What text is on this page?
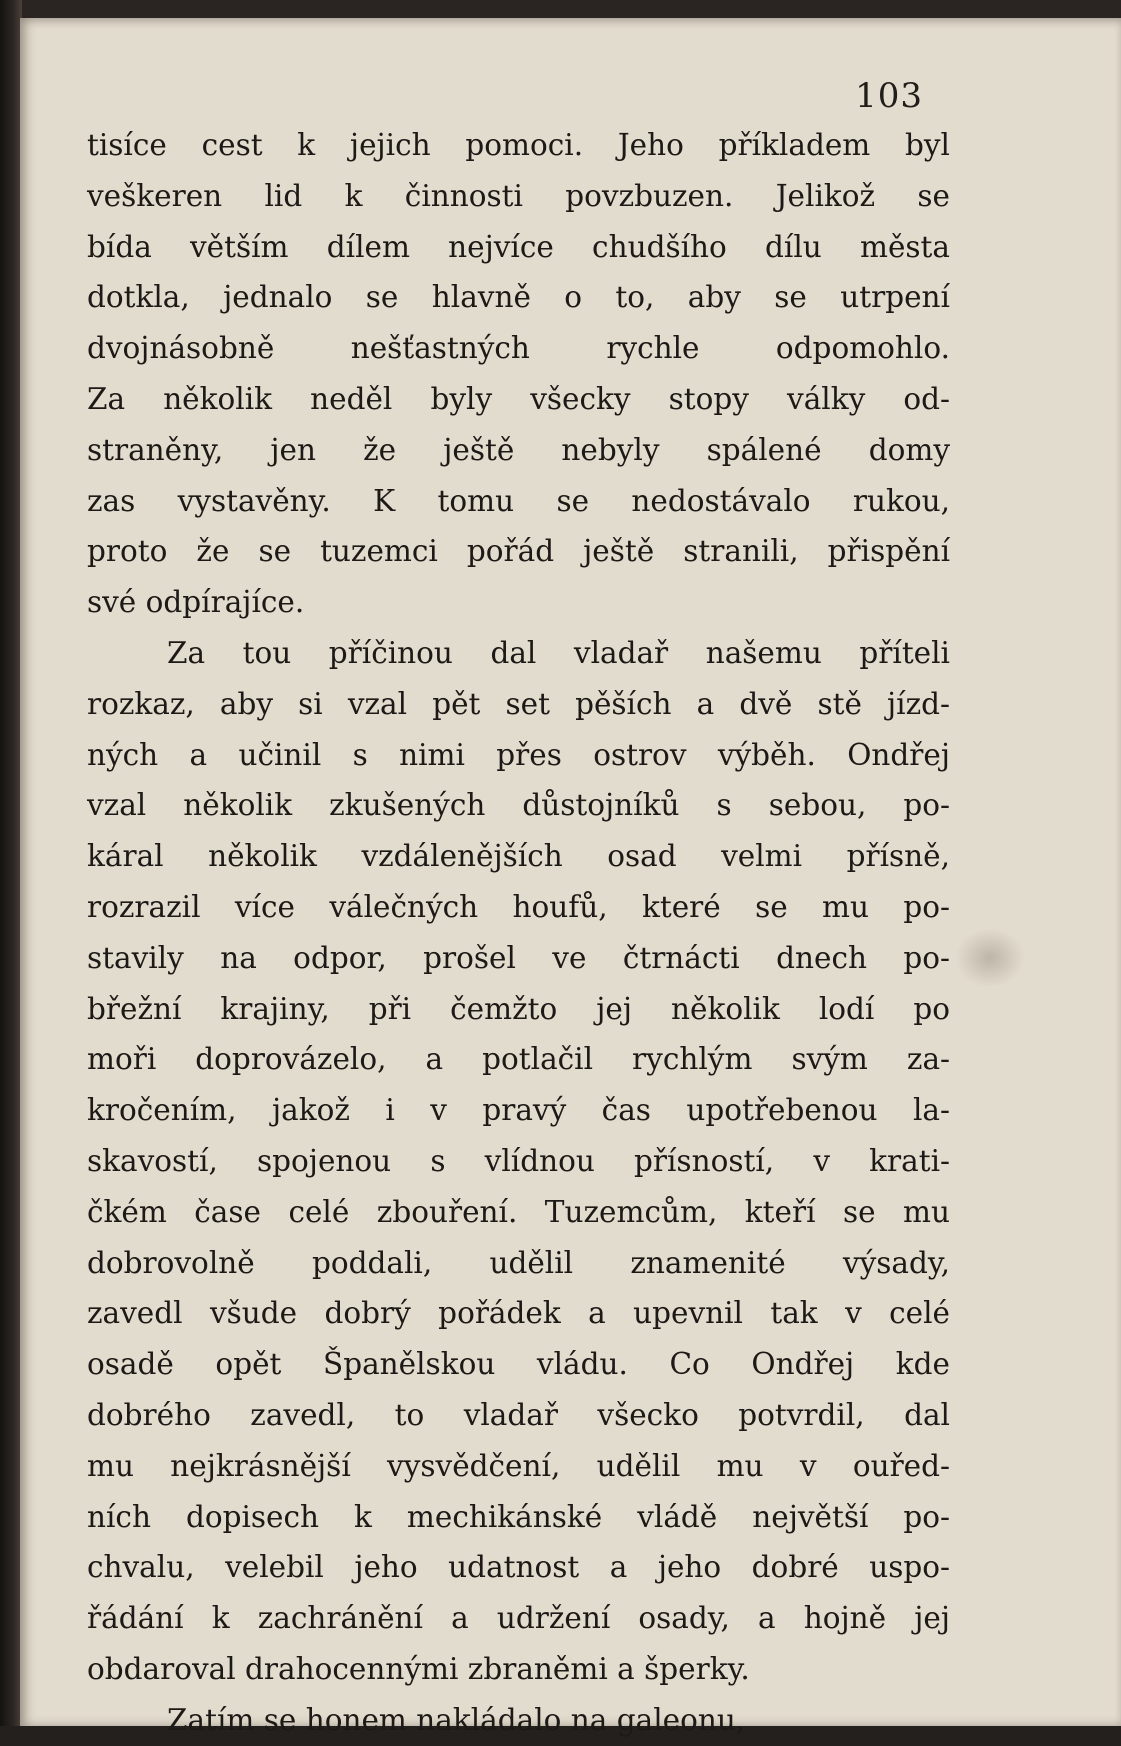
103
tisíce cest k jejich pomoci. Jeho příkladem byl
veškeren lid k činnosti povzbuzen. Jelikož se
bída větším dílem nejvíce chudšího dílu města
dotkla, jednalo se hlavně o to, aby se utrpení
dvojnásobně nešťastných rychle odpomohlo.
Za několik neděl byly všecky stopy války od-
straněny, jen že ještě nebyly spálené domy
zas vystavěny. K tomu se nedostávalo rukou,
proto že se tuzemci pořád ještě stranili, přispění
své odpírajíce.
Za tou příčinou dal vladař našemu příteli
rozkaz, aby si vzal pět set pěších a dvě stě jízd-
ných a učinil s nimi přes ostrov výběh. Ondřej
vzal několik zkušených důstojníků s sebou, po-
káral několik vzdálenějších osad velmi přísně,
rozrazil více válečných houfů, které se mu po-
stavily na odpor, prošel ve čtrnácti dnech po-
břežní krajiny, při čemžto jej několik lodí po
moři doprovázelo, a potlačil rychlým svým za-
kročením, jakož i v pravý čas upotřebenou la-
skavostí, spojenou s vlídnou přísností, v krati-
čkém čase celé zbouření. Tuzemcům, kteří se mu
dobrovolně poddali, udělil znamenité výsady,
zavedl všude dobrý pořádek a upevnil tak v celé
osadě opět Španělskou vládu. Co Ondřej kde
dobrého zavedl, to vladař všecko potvrdil, dal
mu nejkrásnější vysvědčení, udělil mu v ouřed-
ních dopisech k mechikánské vládě největší po-
chvalu, velebil jeho udatnost a jeho dobré uspo-
řádání k zachránění a udržení osady, a hojně jej
obdaroval drahocennými zbraněmi a šperky.
Zatím se honem nakládalo na galeonu,
